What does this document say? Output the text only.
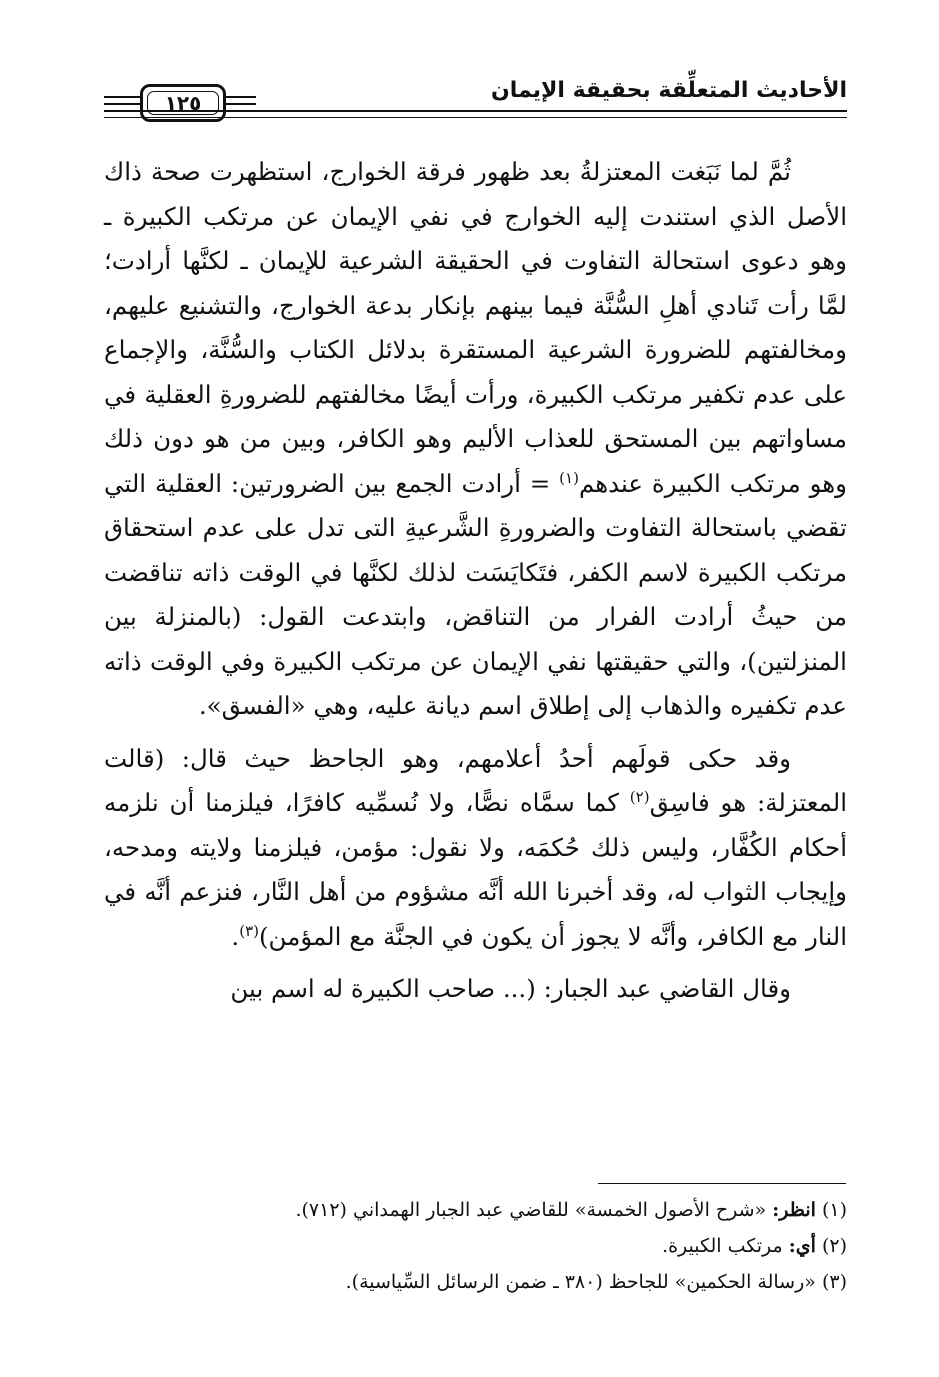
الأحاديث المتعلِّقة بحقيقة الإيمان
١٢٥

ثُمَّ لما نَبَغت المعتزلةُ بعد ظهور فرقة الخوارج، استظهرت صحة ذاك الأصل الذي استندت إليه الخوارج في نفي الإيمان عن مرتكب الكبيرة ـ وهو دعوى استحالة التفاوت في الحقيقة الشرعية للإيمان ـ لكنَّها أرادت؛ لمَّا رأت تَنادي أهلِ السُّنَّة فيما بينهم بإنكار بدعة الخوارج، والتشنيع عليهم، ومخالفتهم للضرورة الشرعية المستقرة بدلائل الكتاب والسُّنَّة، والإجماع على عدم تكفير مرتكب الكبيرة، ورأت أيضًا مخالفتهم للضرورةِ العقلية في مساواتهم بين المستحق للعذاب الأليم وهو الكافر، وبين من هو دون ذلك وهو مرتكب الكبيرة عندهم$^{(١)}$ = أرادت الجمع بين الضرورتين: العقلية التي تقضي باستحالة التفاوت والضرورةِ الشَّرعيةِ التى تدل على عدم استحقاق مرتكب الكبيرة لاسم الكفر، فتَكايَسَت لذلك لكنَّها في الوقت ذاته تناقضت من حيثُ أرادت الفرار من التناقض، وابتدعت القول: (بالمنزلة بين المنزلتين)، والتي حقيقتها نفي الإيمان عن مرتكب الكبيرة وفي الوقت ذاته عدم تكفيره والذهاب إلى إطلاق اسم ديانة عليه، وهي «الفسق».

وقد حكى قولَهم أحدُ أعلامهم، وهو الجاحظ حيث قال: (قالت المعتزلة: هو فاسِق$^{(٢)}$ كما سمَّاه نصًّا، ولا نُسمِّيه كافرًا، فيلزمنا أن نلزمه أحكام الكُفَّار، وليس ذلك حُكمَه، ولا نقول: مؤمن، فيلزمنا ولايته ومدحه، وإيجاب الثواب له، وقد أخبرنا الله أنَّه مشؤوم من أهل النَّار، فنزعم أنَّه في النار مع الكافر، وأنَّه لا يجوز أن يكون في الجنَّة مع المؤمن)$^{(٣)}$.

وقال القاضي عبد الجبار: (... صاحب الكبيرة له اسم بين

(١) انظر: «شرح الأصول الخمسة» للقاضي عبد الجبار الهمداني (٧١٢).
(٢) أي: مرتكب الكبيرة.
(٣) «رسالة الحكمين» للجاحظ (٣٨٠ ـ ضمن الرسائل السِّياسية).
